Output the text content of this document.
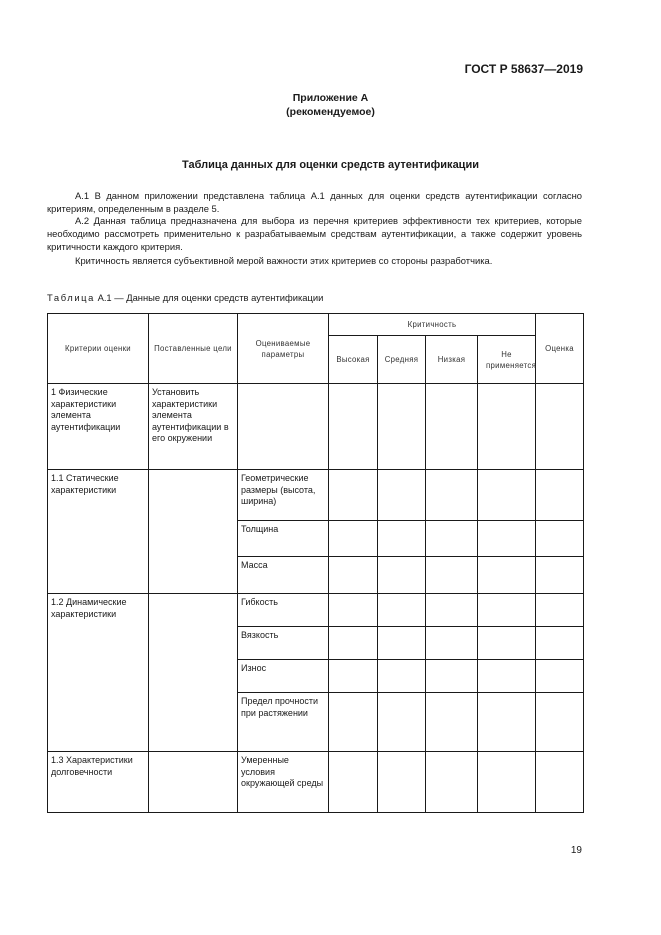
ГОСТ Р 58637—2019
Приложение А
(рекомендуемое)
Таблица данных для оценки средств аутентификации

А.1 В данном приложении представлена таблица А.1 данных для оценки средств аутентификации согласно критериям, определенным в разделе 5.

А.2 Данная таблица предназначена для выбора из перечня критериев эффективности тех критериев, которые необходимо рассмотреть применительно к разрабатываемым средствам аутентификации, а также содержит уровень критичности каждого критерия.

Критичность является субъективной мерой важности этих критериев со стороны разработчика.

Таблица А.1 — Данные для оценки средств аутентификации
Критерии оценки	Поставленные цели	Оцениваемые параметры	Критичность				Оценка
			Высокая	Средняя	Низкая	Не применяется	
1 Физические характеристики элемента аутентификации	Установить характеристики элемента аутентификации в его окружении						
1.1 Статические характеристики		Геометрические размеры (высота, ширина)					
		Толщина					
		Масса					
1.2 Динамические характеристики		Гибкость					
		Вязкость					
		Износ					
		Предел прочности при растяжении					
1.3 Характеристики долговечности		Умеренные условия окружающей среды					
19
